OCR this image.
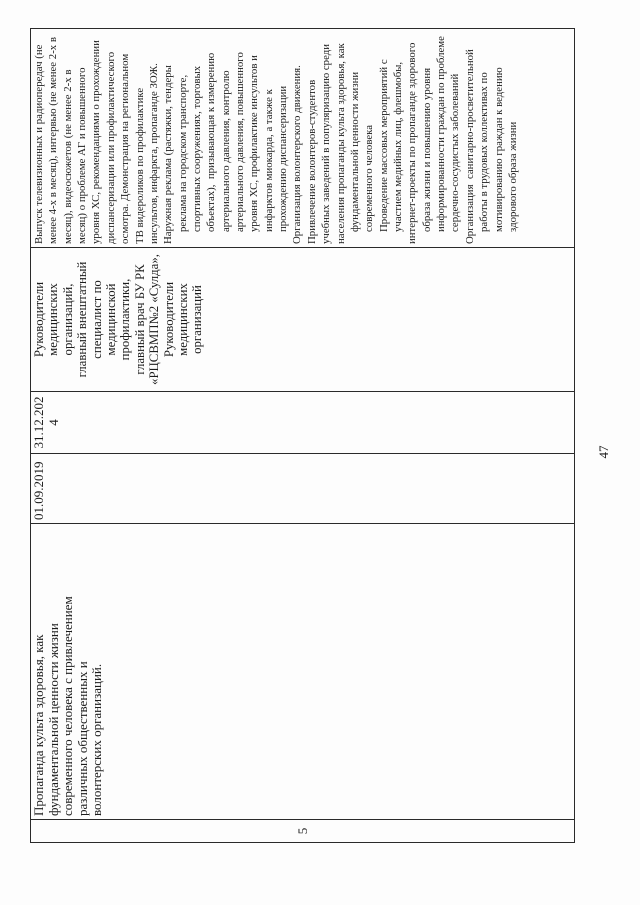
5
Пропаганда культа здоровья, как фундаментальной ценности жизни современного человека с привлечением различных общественных и волонтерских организаций.
01.09.2019
31.12.2024
Руководители медицинских организаций, главный внештатный специалист по медицинской профилактики, главный врач БУ РК «РЦСВМП№2 «Сулда», Руководители медицинских организаций
Выпуск телевизионных и радиопередач (не менее 4-х в месяц), интервью (не менее 2-х в месяц), видеосюжетов (не менее 2-х в месяц) о проблеме АГ и повышенного уровня ХС, рекомендациями о прохождении диспансеризации или профилактического осмотра. Демонстрация на региональном ТВ видероликов по профилактике инсультов, инфаркта, пропаганде ЗОЖ. Наружная реклама (растяжки, тендеры реклама на городском транспорте, спортивных сооружениях, торговых объектах),  призывающая к измерению артериального давления, контролю артериального давления, повышенного уровня ХС, профилактике инсультов и инфарктов миокарда, а также к прохождению диспансеризации Организация волонтерского движения. Привлечение волонтеров-студентов учебных заведений в популяризацию среди населения пропаганды культа здоровья, как фундаментальной ценности жизни современного человека Проведение массовых мероприятий с участием медийных лиц, флешмобы, интернет-проекты по пропаганде здорового образа жизни и повышению уровня информированности граждан по проблеме сердечно-сосудистых заболеваний Организация  санитарно-просветительной работы в трудовых коллективах по мотивированию граждан к ведению здорового образа жизни
47
